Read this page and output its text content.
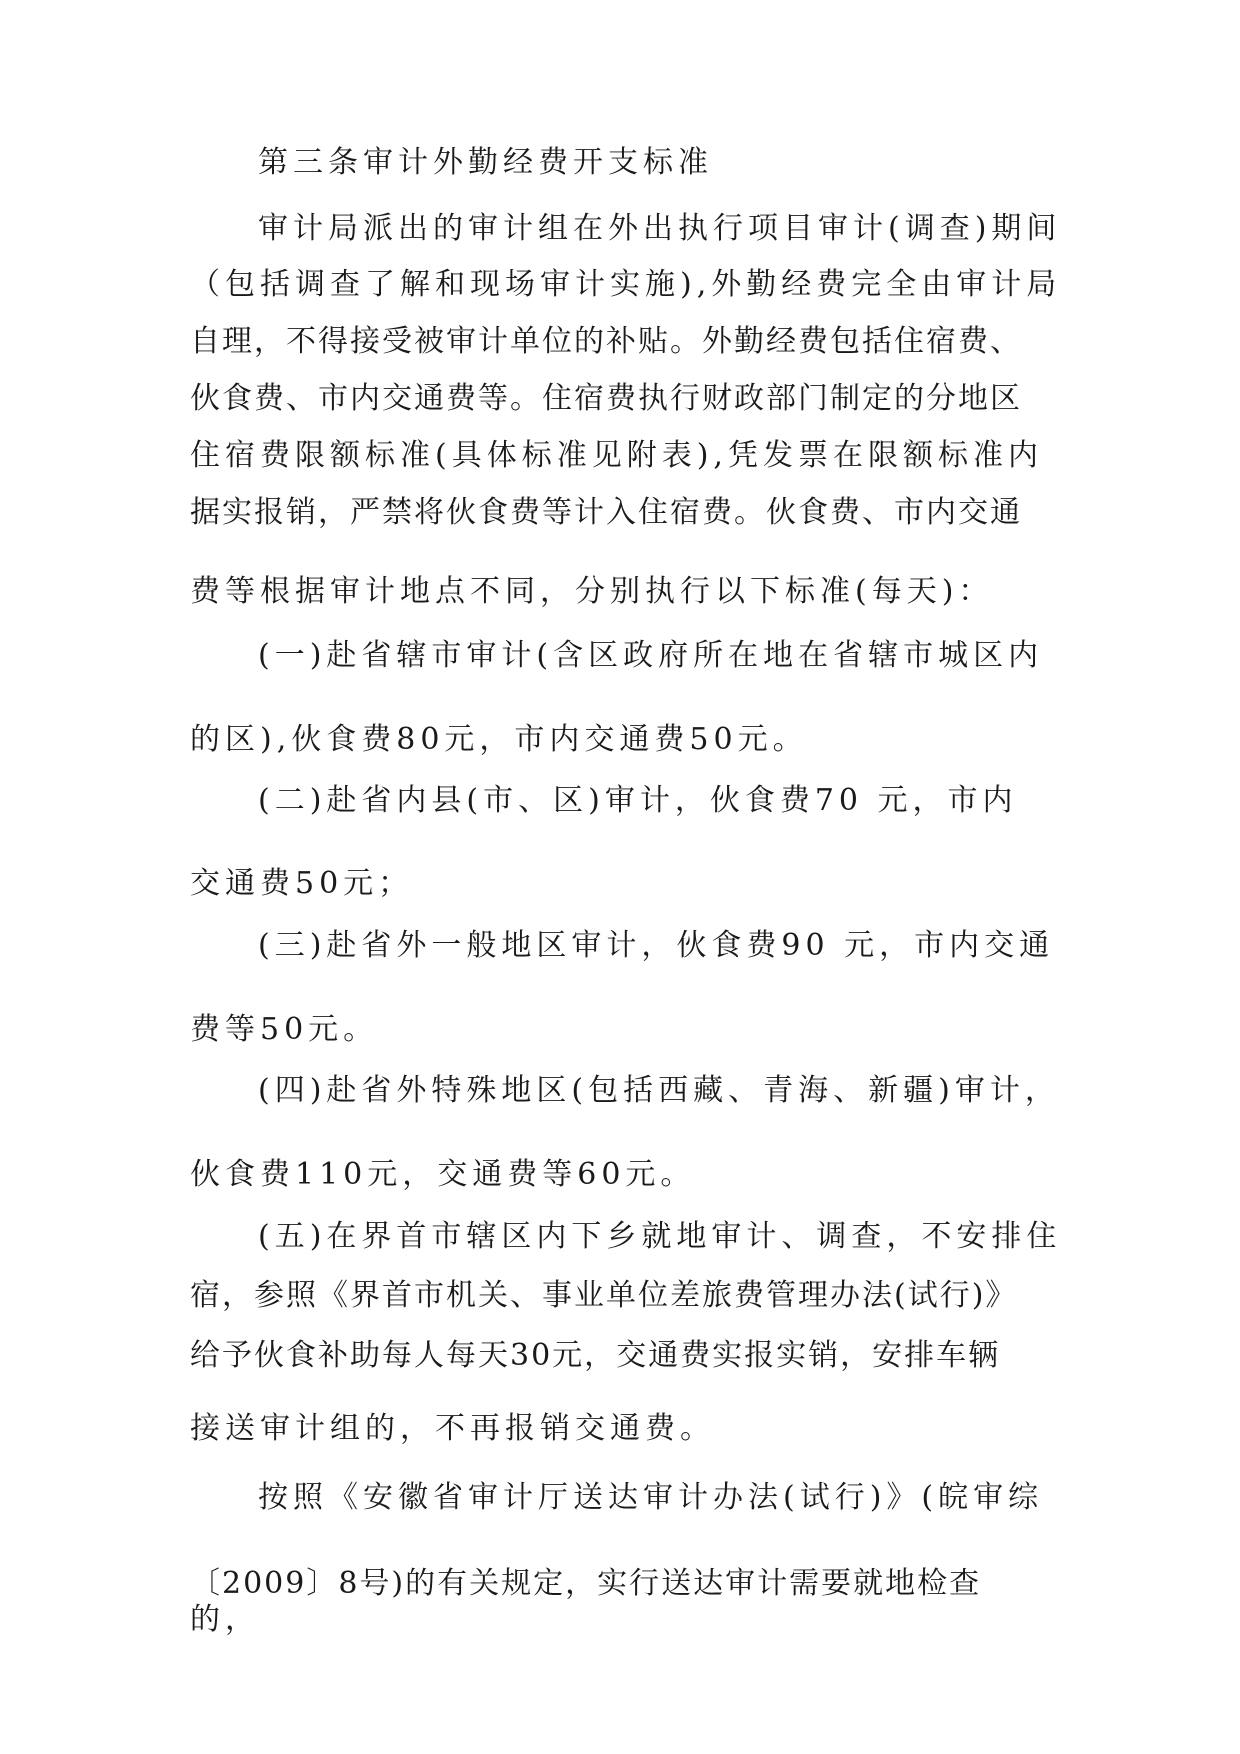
第三条审计外勤经费开支标准

审计局派出的审计组在外出执行项目审计(调查)期间

（包括调查了解和现场审计实施),外勤经费完全由审计局

自理，不得接受被审计单位的补贴。外勤经费包括住宿费、

伙食费、市内交通费等。住宿费执行财政部门制定的分地区

住宿费限额标准(具体标准见附表),凭发票在限额标准内

据实报销，严禁将伙食费等计入住宿费。伙食费、市内交通

费等根据审计地点不同，分别执行以下标准(每天)：

(一)赴省辖市审计(含区政府所在地在省辖市城区内

的区),伙食费80元，市内交通费50元。

(二)赴省内县(市、区)审计，伙食费70 元，市内

交通费50元；

(三)赴省外一般地区审计，伙食费90 元，市内交通

费等50元。

(四)赴省外特殊地区(包括西藏、青海、新疆)审计，

伙食费110元，交通费等60元。

(五)在界首市辖区内下乡就地审计、调查，不安排住

宿，参照《界首市机关、事业单位差旅费管理办法(试行)》

给予伙食补助每人每天30元，交通费实报实销，安排车辆

接送审计组的，不再报销交通费。

按照《安徽省审计厅送达审计办法(试行)》(皖审综

〔2009〕8号)的有关规定，实行送达审计需要就地检查

的，
